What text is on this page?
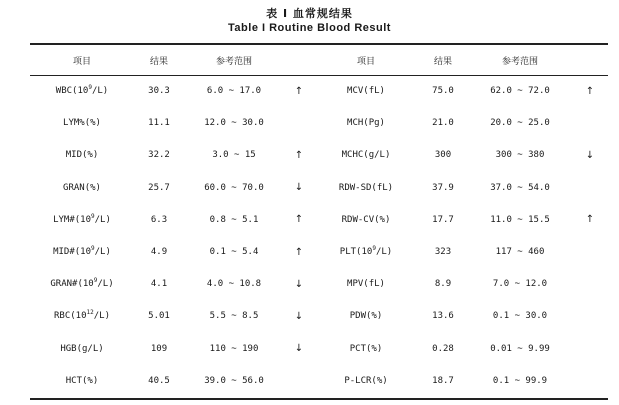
表 I 血常规结果
Table I Routine Blood Result
项目	结果	参考范围		项目	结果	参考范围	
$WBC(10^9/L)$	30.3	6.0 ~ 17.0	↑	MCV(fL)	75.0	62.0 ~ 72.0	↑
LYM%(%)	11.1	12.0 ~ 30.0		MCH(Pg)	21.0	20.0 ~ 25.0	
MID(%)	32.2	3.0 ~ 15	↑	MCHC(g/L)	300	300 ~ 380	↓
GRAN(%)	25.7	60.0 ~ 70.0	↓	RDW-SD(fL)	37.9	37.0 ~ 54.0	
$LYM\#(10^9/L)$	6.3	0.8 ~ 5.1	↑	RDW-CV(%)	17.7	11.0 ~ 15.5	↑
$MID\#(10^9/L)$	4.9	0.1 ~ 5.4	↑	$PLT(10^9/L)$	323	117 ~ 460	
$GRAN\#(10^9/L)$	4.1	4.0 ~ 10.8	↓	MPV(fL)	8.9	7.0 ~ 12.0	
$RBC(10^{12}/L)$	5.01	5.5 ~ 8.5	↓	PDW(%)	13.6	0.1 ~ 30.0	
HGB(g/L)	109	110 ~ 190	↓	PCT(%)	0.28	0.01 ~ 9.99	
HCT(%)	40.5	39.0 ~ 56.0		P-LCR(%)	18.7	0.1 ~ 99.9	
